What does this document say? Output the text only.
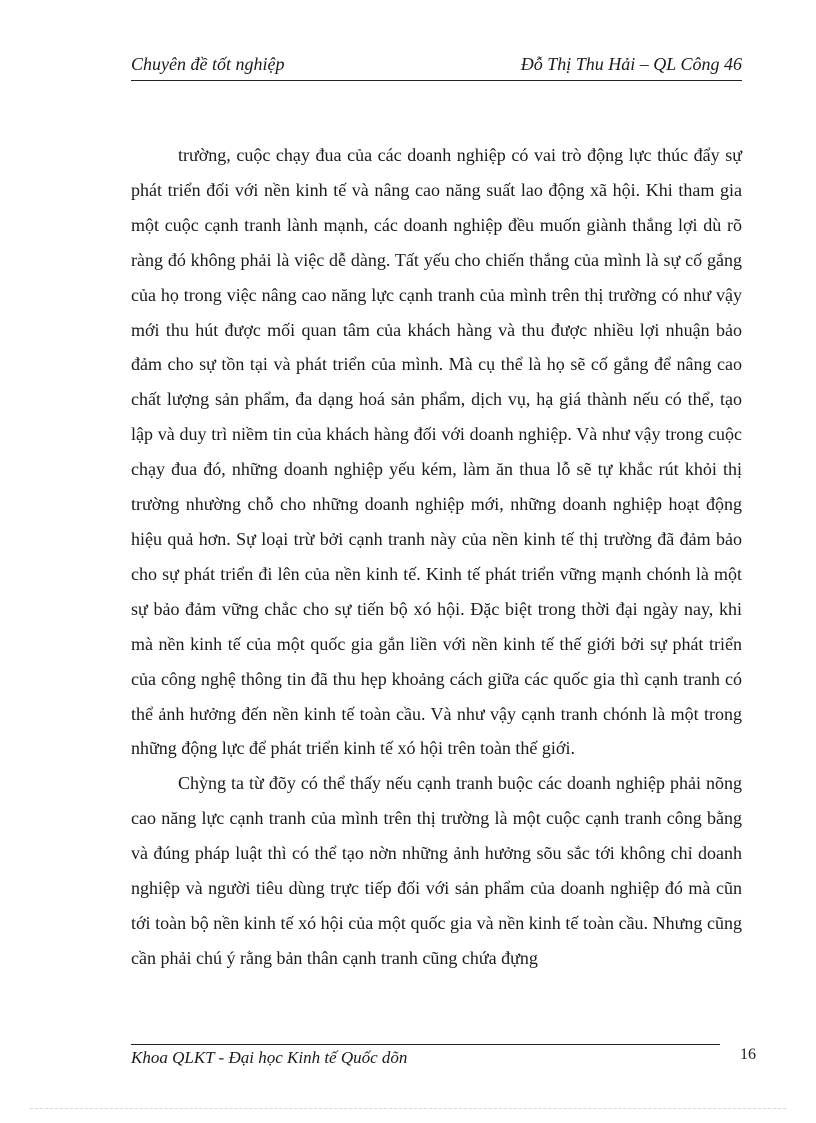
Chuyên đề tốt nghiệp	Đỗ Thị Thu Hải – QL Công 46

trường, cuộc chạy đua của các doanh nghiệp có vai trò động lực thúc đẩy sự phát triển đối với nền kinh tế và nâng cao năng suất lao động xã hội. Khi tham gia một cuộc cạnh tranh lành mạnh, các doanh nghiệp đều muốn giành thắng lợi dù rõ ràng đó không phải là việc dễ dàng. Tất yếu cho chiến thắng của mình là sự cố gắng của họ trong việc nâng cao năng lực cạnh tranh của mình trên thị trường có như vậy mới thu hút được mối quan tâm của khách hàng và thu được nhiều lợi nhuận bảo đảm cho sự tồn tại và phát triển của mình. Mà cụ thể là họ sẽ cố gắng để nâng cao chất lượng sản phẩm, đa dạng hoá sản phẩm, dịch vụ, hạ giá thành nếu có thể, tạo lập và duy trì niềm tin của khách hàng đối với doanh nghiệp. Và như vậy trong cuộc chạy đua đó, những doanh nghiệp yếu kém, làm ăn thua lỗ sẽ tự khắc rút khỏi thị trường nhường chỗ cho những doanh nghiệp mới, những doanh nghiệp hoạt động hiệu quả hơn. Sự loại trừ bởi cạnh tranh này của nền kinh tế thị trường đã đảm bảo cho sự phát triển đi lên của nền kinh tế. Kinh tế phát triển vững mạnh chónh là một sự bảo đảm vững chắc cho sự tiến bộ xó hội. Đặc biệt trong thời đại ngày nay, khi mà nền kinh tế của một quốc gia gắn liền với nền kinh tế thế giới bởi sự phát triển của công nghệ thông tin đã thu hẹp khoảng cách giữa các quốc gia thì cạnh tranh có thể ảnh hưởng đến nền kinh tế toàn cầu. Và như vậy cạnh tranh chónh là một trong những động lực để phát triển kinh tế xó hội trên toàn thế giới.

Chỳng ta từ đõy có thể thấy nếu cạnh tranh buộc các doanh nghiệp phải nõng cao năng lực cạnh tranh của mình trên thị trường là một cuộc cạnh tranh công bằng và đúng pháp luật thì có thể tạo nờn những ảnh hưởng sõu sắc tới không chỉ doanh nghiệp và người tiêu dùng trực tiếp đối với sản phẩm của doanh nghiệp đó mà cũn tới toàn bộ nền kinh tế xó hội của một quốc gia và nền kinh tế toàn cầu. Nhưng cũng cần phải chú ý rằng bản thân cạnh tranh cũng chứa đựng

Khoa QLKT - Đại học Kinh tế Quốc dõn	16
